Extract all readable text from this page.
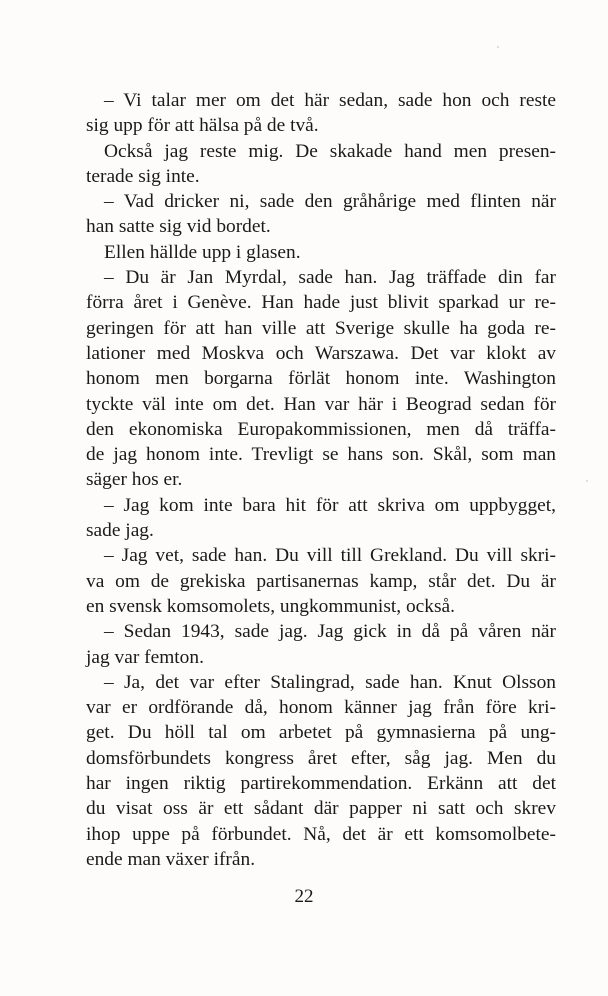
– Vi talar mer om det här sedan, sade hon och reste
sig upp för att hälsa på de två.
Också jag reste mig. De skakade hand men presen-
terade sig inte.
– Vad dricker ni, sade den gråhårige med flinten när
han satte sig vid bordet.
Ellen hällde upp i glasen.
– Du är Jan Myrdal, sade han. Jag träffade din far
förra året i Genève. Han hade just blivit sparkad ur re-
geringen för att han ville att Sverige skulle ha goda re-
lationer med Moskva och Warszawa. Det var klokt av
honom men borgarna förlät honom inte. Washington
tyckte väl inte om det. Han var här i Beograd sedan för
den ekonomiska Europakommissionen, men då träffa-
de jag honom inte. Trevligt se hans son. Skål, som man
säger hos er.
– Jag kom inte bara hit för att skriva om uppbygget,
sade jag.
– Jag vet, sade han. Du vill till Grekland. Du vill skri-
va om de grekiska partisanernas kamp, står det. Du är
en svensk komsomolets, ungkommunist, också.
– Sedan 1943, sade jag. Jag gick in då på våren när
jag var femton.
– Ja, det var efter Stalingrad, sade han. Knut Olsson
var er ordförande då, honom känner jag från före kri-
get. Du höll tal om arbetet på gymnasierna på ung-
domsförbundets kongress året efter, såg jag. Men du
har ingen riktig partirekommendation. Erkänn att det
du visat oss är ett sådant där papper ni satt och skrev
ihop uppe på förbundet. Nå, det är ett komsomolbete-
ende man växer ifrån.
22
